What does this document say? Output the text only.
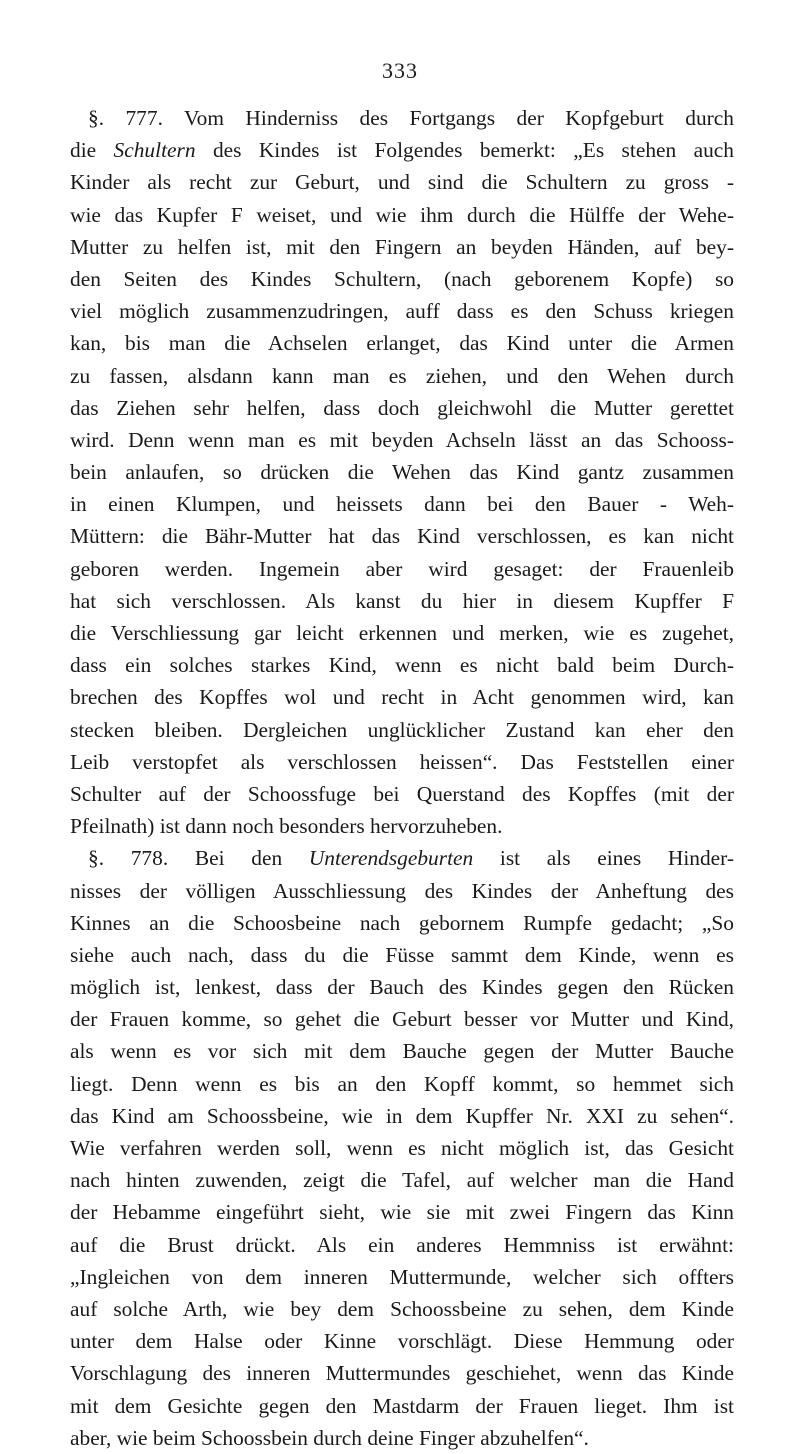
333
§. 777. Vom Hinderniss des Fortgangs der Kopfgeburt durch
die Schultern des Kindes ist Folgendes bemerkt: „Es stehen auch
Kinder als recht zur Geburt, und sind die Schultern zu gross -
wie das Kupfer F weiset, und wie ihm durch die Hülffe der Wehe-
Mutter zu helfen ist, mit den Fingern an beyden Händen, auf bey-
den Seiten des Kindes Schultern, (nach geborenem Kopfe) so
viel möglich zusammenzudringen, auff dass es den Schuss kriegen
kan, bis man die Achselen erlanget, das Kind unter die Armen
zu fassen, alsdann kann man es ziehen, und den Wehen durch
das Ziehen sehr helfen, dass doch gleichwohl die Mutter gerettet
wird. Denn wenn man es mit beyden Achseln lässt an das Schooss-
bein anlaufen, so drücken die Wehen das Kind gantz zusammen
in einen Klumpen, und heissets dann bei den Bauer - Weh-
Müttern: die Bähr-Mutter hat das Kind verschlossen, es kan nicht
geboren werden. Ingemein aber wird gesaget: der Frauenleib
hat sich verschlossen. Als kanst du hier in diesem Kupffer F
die Verschliessung gar leicht erkennen und merken, wie es zugehet,
dass ein solches starkes Kind, wenn es nicht bald beim Durch-
brechen des Kopffes wol und recht in Acht genommen wird, kan
stecken bleiben. Dergleichen unglücklicher Zustand kan eher den
Leib verstopfet als verschlossen heissen“. Das Feststellen einer
Schulter auf der Schoossfuge bei Querstand des Kopffes (mit der
Pfeilnath) ist dann noch besonders hervorzuheben.
§. 778. Bei den Unterendsgeburten ist als eines Hinder-
nisses der völligen Ausschliessung des Kindes der Anheftung des
Kinnes an die Schoosbeine nach gebornem Rumpfe gedacht; „So
siehe auch nach, dass du die Füsse sammt dem Kinde, wenn es
möglich ist, lenkest, dass der Bauch des Kindes gegen den Rücken
der Frauen komme, so gehet die Geburt besser vor Mutter und Kind,
als wenn es vor sich mit dem Bauche gegen der Mutter Bauche
liegt. Denn wenn es bis an den Kopff kommt, so hemmet sich
das Kind am Schoossbeine, wie in dem Kupffer Nr. XXI zu sehen“.
Wie verfahren werden soll, wenn es nicht möglich ist, das Gesicht
nach hinten zuwenden, zeigt die Tafel, auf welcher man die Hand
der Hebamme eingeführt sieht, wie sie mit zwei Fingern das Kinn
auf die Brust drückt. Als ein anderes Hemmniss ist erwähnt:
„Ingleichen von dem inneren Muttermunde, welcher sich offters
auf solche Arth, wie bey dem Schoossbeine zu sehen, dem Kinde
unter dem Halse oder Kinne vorschlägt. Diese Hemmung oder
Vorschlagung des inneren Muttermundes geschiehet, wenn das Kinde
mit dem Gesichte gegen den Mastdarm der Frauen lieget. Ihm ist
aber, wie beim Schoossbein durch deine Finger abzuhelfen“.
